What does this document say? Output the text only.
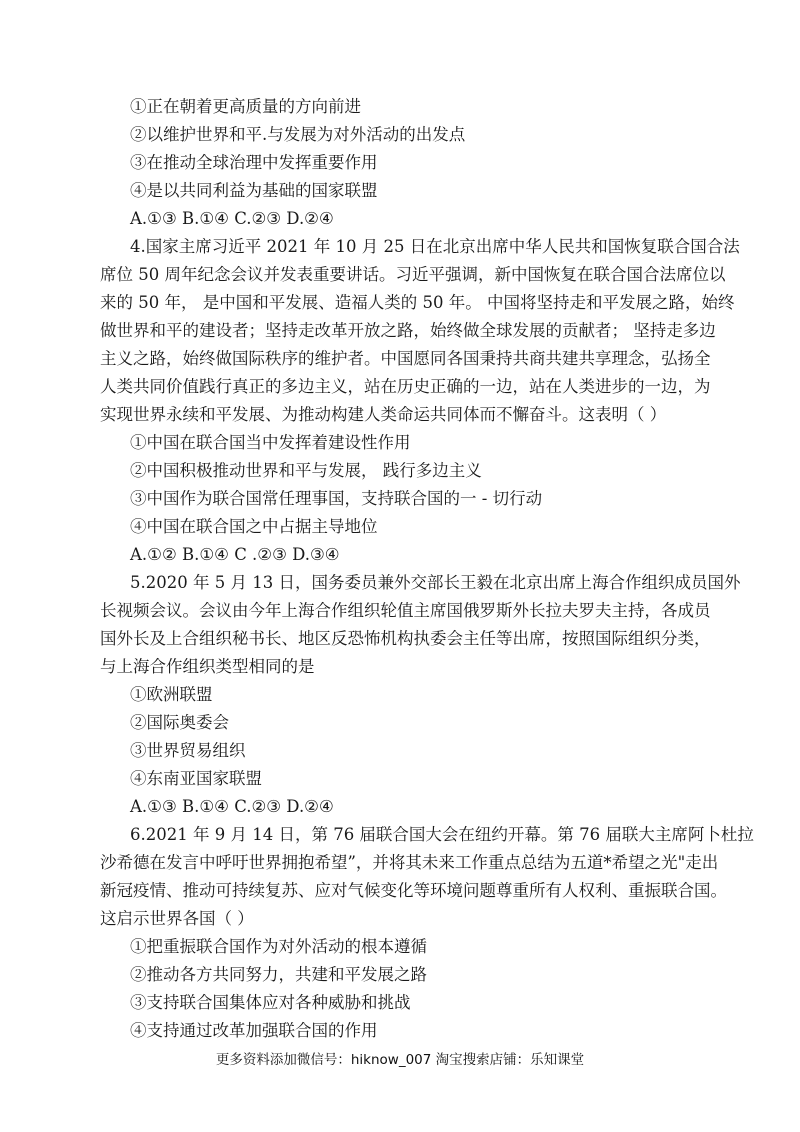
①正在朝着更高质量的方向前进
②以维护世界和平.与发展为对外活动的出发点
③在推动全球治理中发挥重要作用
④是以共同利益为基础的国家联盟
A.①③ B.①④ C.②③ D.②④
4.国家主席习近平 2021 年 10 月 25 日在北京出席中华人民共和国恢复联合国合法
席位 50 周年纪念会议并发表重要讲话。习近平强调，新中国恢复在联合国合法席位以
来的 50 年， 是中国和平发展、造福人类的 50 年。 中国将坚持走和平发展之路，始终
做世界和平的建设者；坚持走改革开放之路，始终做全球发展的贡献者； 坚持走多边
主义之路，始终做国际秩序的维护者。中国愿同各国秉持共商共建共享理念，弘扬全
人类共同价值践行真正的多边主义，站在历史正确的一边，站在人类进步的一边，为
实现世界永续和平发展、为推动构建人类命运共同体而不懈奋斗。这表明（ ）
①中国在联合国当中发挥着建设性作用
②中国积极推动世界和平与发展， 践行多边主义
③中国作为联合国常任理事国，支持联合国的一 - 切行动
④中国在联合国之中占据主导地位
A.①② B.①④ C .②③ D.③④
5.2020 年 5 月 13 日，国务委员兼外交部长王毅在北京出席上海合作组织成员国外
长视频会议。会议由今年上海合作组织轮值主席国俄罗斯外长拉夫罗夫主持，各成员
国外长及上合组织秘书长、地区反恐怖机构执委会主任等出席，按照国际组织分类，
与上海合作组织类型相同的是
①欧洲联盟
②国际奥委会
③世界贸易组织
④东南亚国家联盟
A.①③ B.①④ C.②③ D.②④
6.2021 年 9 月 14 日，第 76 届联合国大会在纽约开幕。第 76 届联大主席阿卜杜拉
沙希德在发言中呼吁世界拥抱希望”，并将其未来工作重点总结为五道*希望之光"走出
新冠疫情、推动可持续复苏、应对气候变化等环境问题尊重所有人权利、重振联合国。
这启示世界各国（ ）
①把重振联合国作为对外活动的根本遵循
②推动各方共同努力，共建和平发展之路
③支持联合国集体应对各种威胁和挑战
④支持通过改革加强联合国的作用
更多资料添加微信号：hiknow_007 淘宝搜索店铺：乐知课堂
